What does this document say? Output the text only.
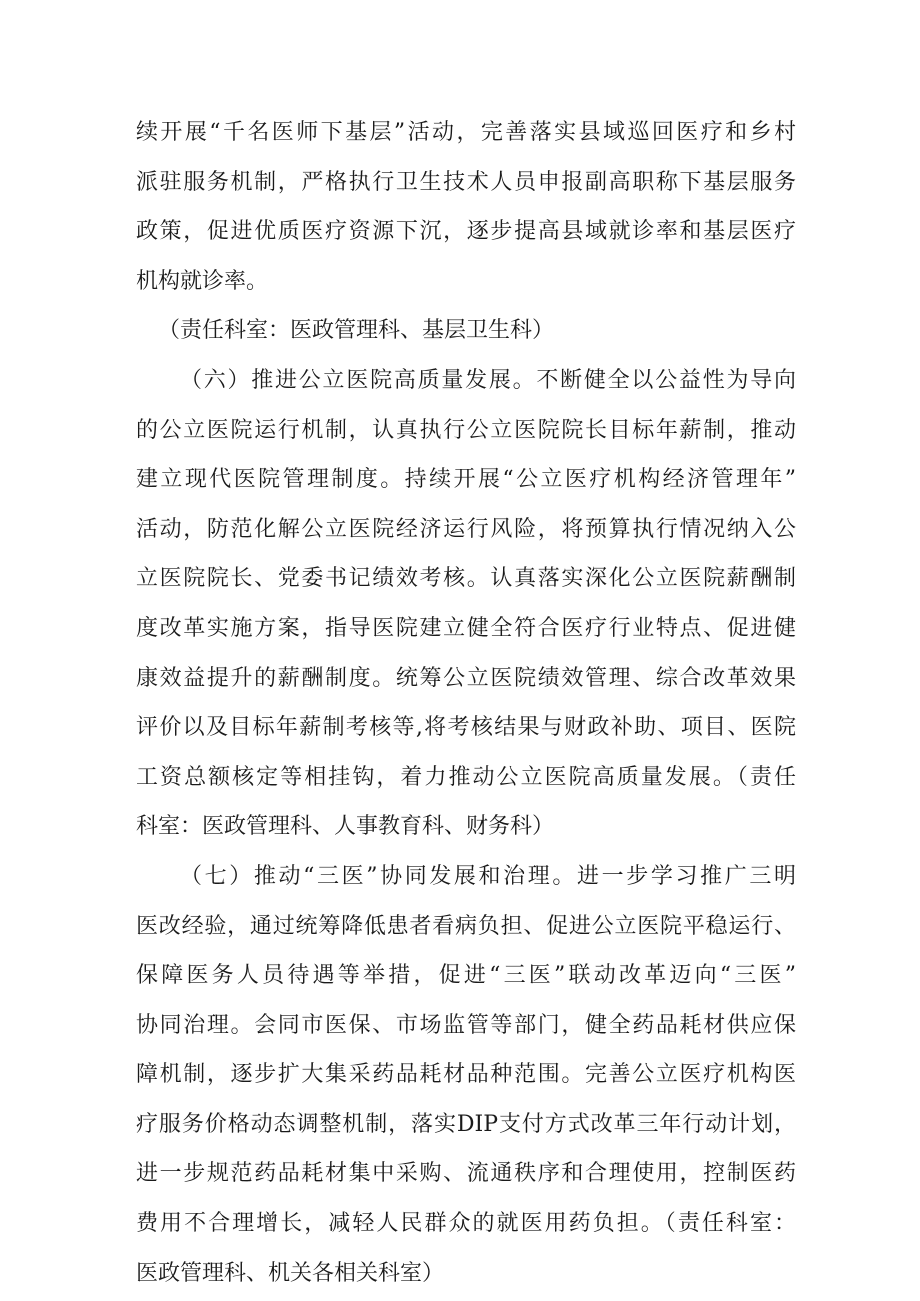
续开展“千名医师下基层”活动，完善落实县域巡回医疗和乡村
派驻服务机制，严格执行卫生技术人员申报副高职称下基层服务
政策，促进优质医疗资源下沉，逐步提高县域就诊率和基层医疗
机构就诊率。
（责任科室：医政管理科、基层卫生科）
（六）推进公立医院高质量发展。不断健全以公益性为导向
的公立医院运行机制，认真执行公立医院院长目标年薪制，推动
建立现代医院管理制度。持续开展“公立医疗机构经济管理年”
活动，防范化解公立医院经济运行风险，将预算执行情况纳入公
立医院院长、党委书记绩效考核。认真落实深化公立医院薪酬制
度改革实施方案，指导医院建立健全符合医疗行业特点、促进健
康效益提升的薪酬制度。统筹公立医院绩效管理、综合改革效果
评价以及目标年薪制考核等,将考核结果与财政补助、项目、医院
工资总额核定等相挂钩，着力推动公立医院高质量发展。（责任
科室：医政管理科、人事教育科、财务科）
（七）推动“三医”协同发展和治理。进一步学习推广三明
医改经验，通过统筹降低患者看病负担、促进公立医院平稳运行、
保障医务人员待遇等举措，促进“三医”联动改革迈向“三医”
协同治理。会同市医保、市场监管等部门，健全药品耗材供应保
障机制，逐步扩大集采药品耗材品种范围。完善公立医疗机构医
疗服务价格动态调整机制，落实DIP支付方式改革三年行动计划，
进一步规范药品耗材集中采购、流通秩序和合理使用，控制医药
费用不合理增长，减轻人民群众的就医用药负担。（责任科室：
医政管理科、机关各相关科室）
